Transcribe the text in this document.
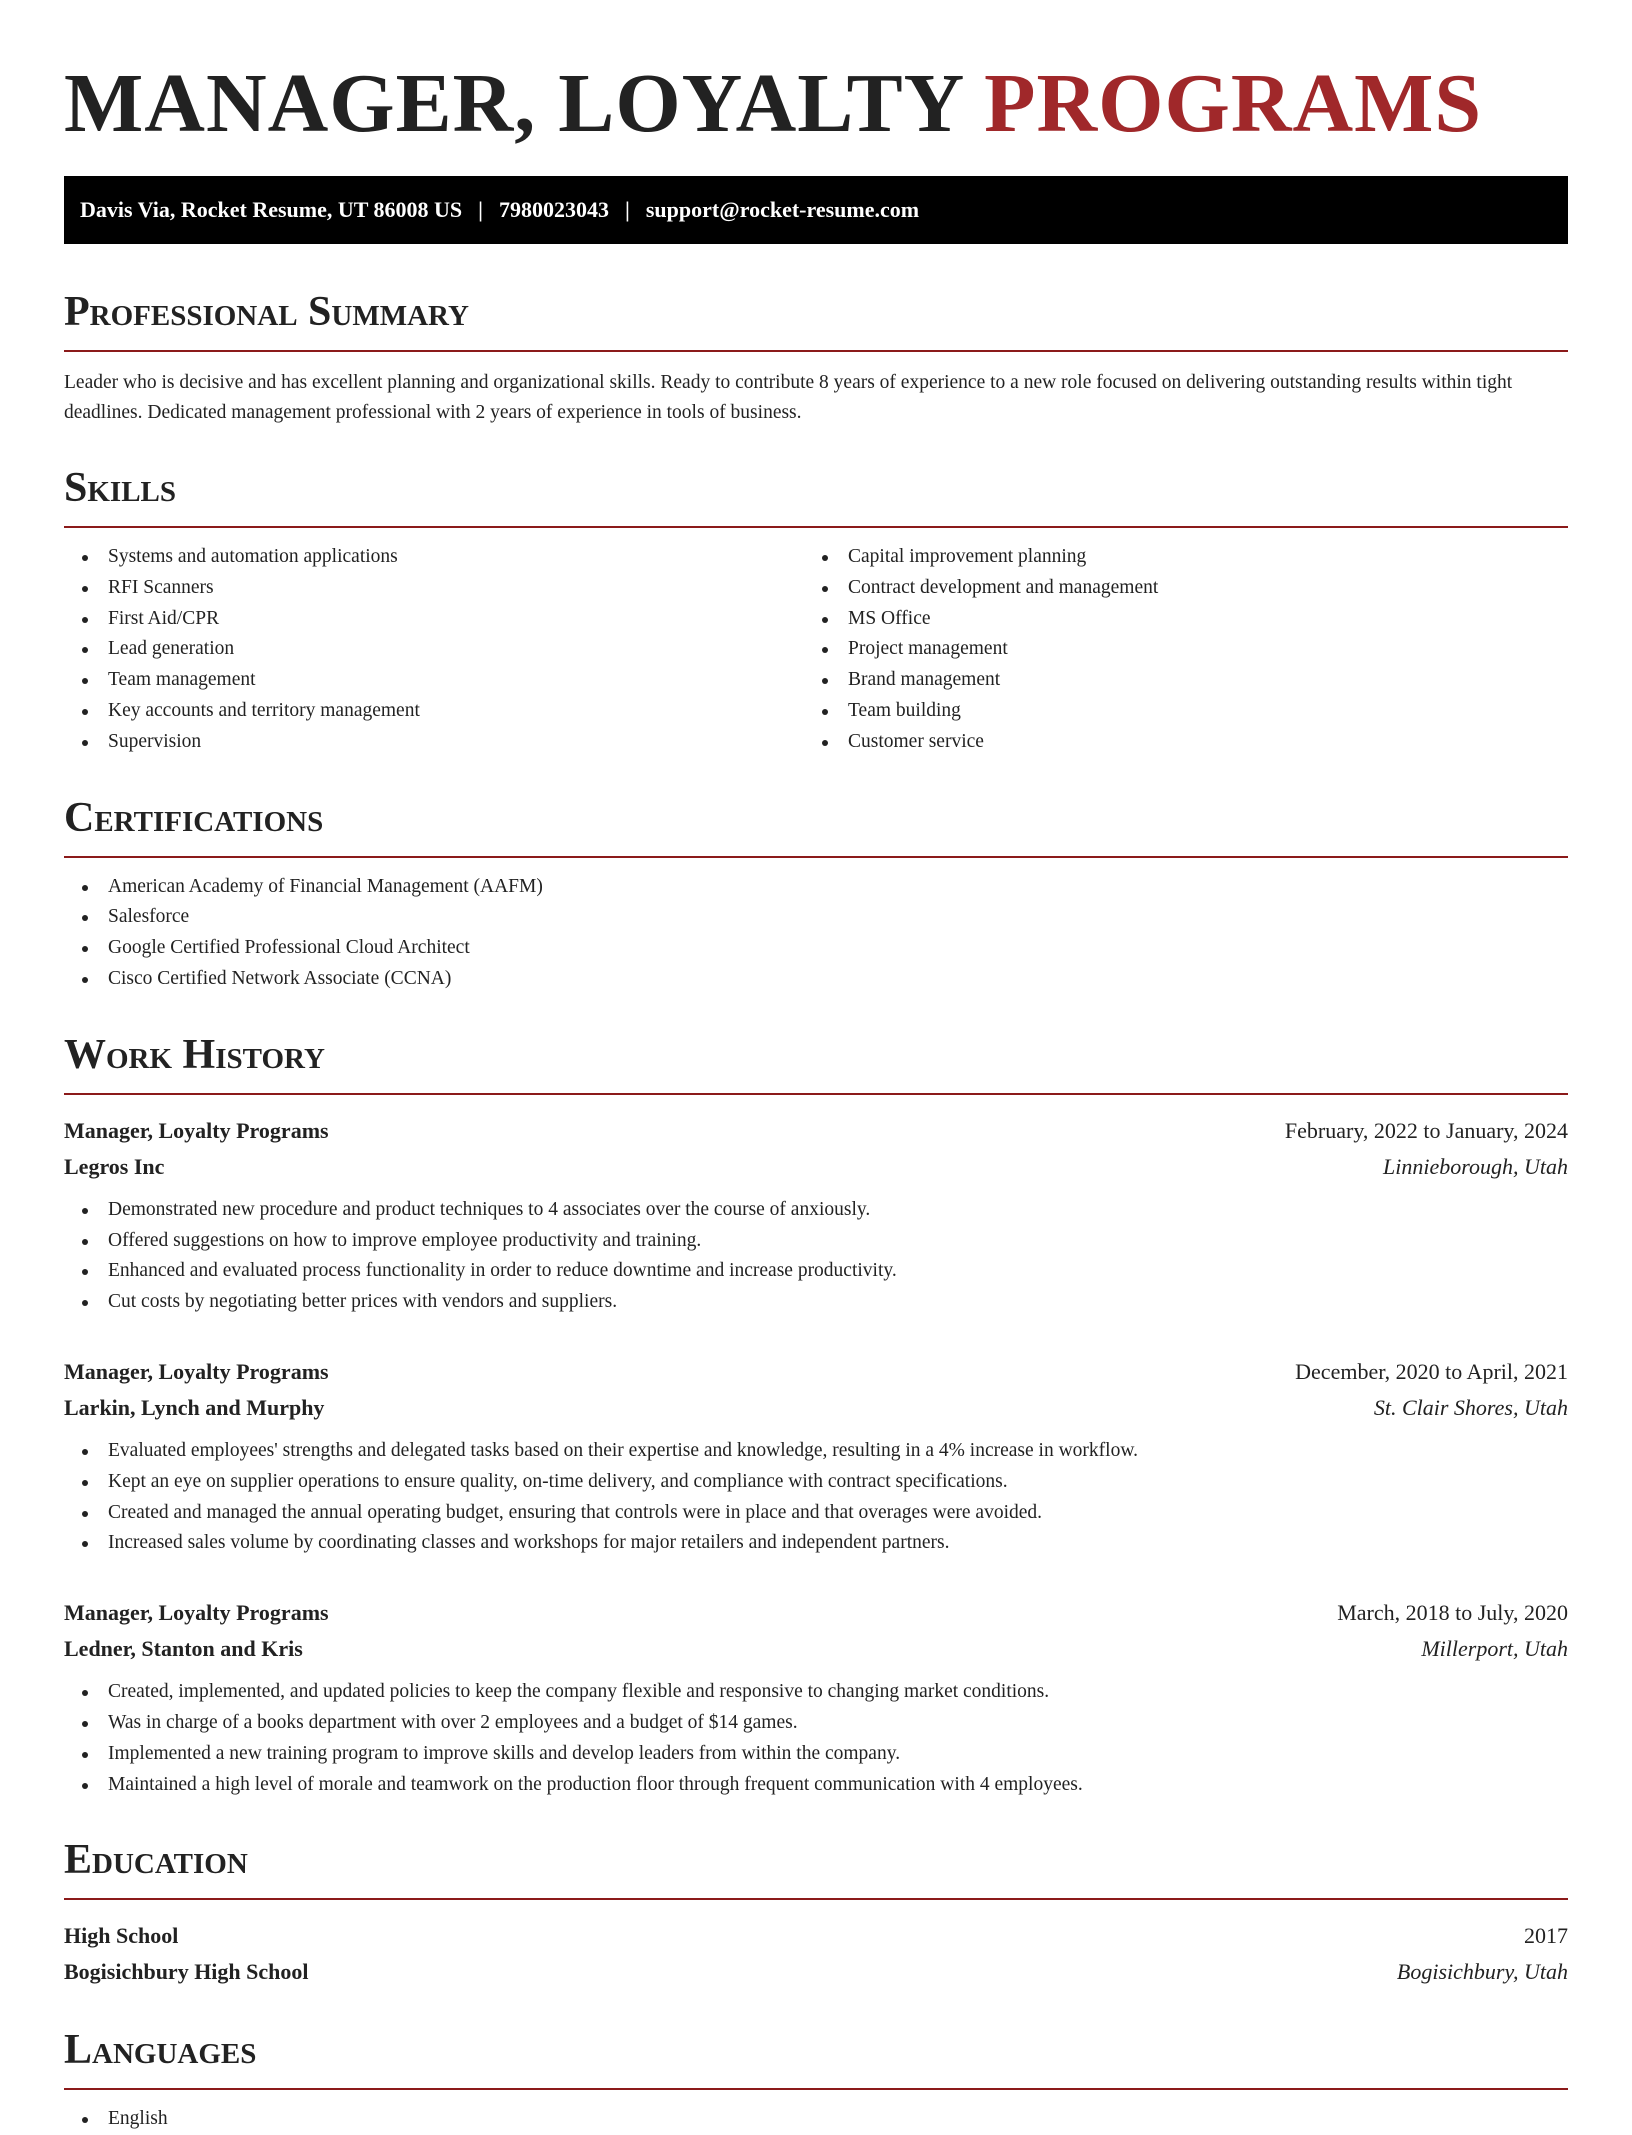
MANAGER, LOYALTY PROGRAMS
Davis Via, Rocket Resume, UT 86008 US | 7980023043 | support@rocket-resume.com
Professional Summary

Leader who is decisive and has excellent planning and organizational skills. Ready to contribute 8 years of experience to a new role focused on delivering outstanding results within tight deadlines. Dedicated management professional with 2 years of experience in tools of business.

Skills
Systems and automation applications
RFI Scanners
First Aid/CPR
Lead generation
Team management
Key accounts and territory management
Supervision
Capital improvement planning
Contract development and management
MS Office
Project management
Brand management
Team building
Customer service
Certifications
American Academy of Financial Management (AAFM)
Salesforce
Google Certified Professional Cloud Architect
Cisco Certified Network Associate (CCNA)
Work History
Manager, Loyalty Programs	February, 2022 to January, 2024
Legros Inc	Linnieborough, Utah
Demonstrated new procedure and product techniques to 4 associates over the course of anxiously.
Offered suggestions on how to improve employee productivity and training.
Enhanced and evaluated process functionality in order to reduce downtime and increase productivity.
Cut costs by negotiating better prices with vendors and suppliers.
Manager, Loyalty Programs	December, 2020 to April, 2021
Larkin, Lynch and Murphy	St. Clair Shores, Utah
Evaluated employees' strengths and delegated tasks based on their expertise and knowledge, resulting in a 4% increase in workflow.
Kept an eye on supplier operations to ensure quality, on-time delivery, and compliance with contract specifications.
Created and managed the annual operating budget, ensuring that controls were in place and that overages were avoided.
Increased sales volume by coordinating classes and workshops for major retailers and independent partners.
Manager, Loyalty Programs	March, 2018 to July, 2020
Ledner, Stanton and Kris	Millerport, Utah
Created, implemented, and updated policies to keep the company flexible and responsive to changing market conditions.
Was in charge of a books department with over 2 employees and a budget of $14 games.
Implemented a new training program to improve skills and develop leaders from within the company.
Maintained a high level of morale and teamwork on the production floor through frequent communication with 4 employees.
Education
High School	2017
Bogisichbury High School	Bogisichbury, Utah
Languages
English
